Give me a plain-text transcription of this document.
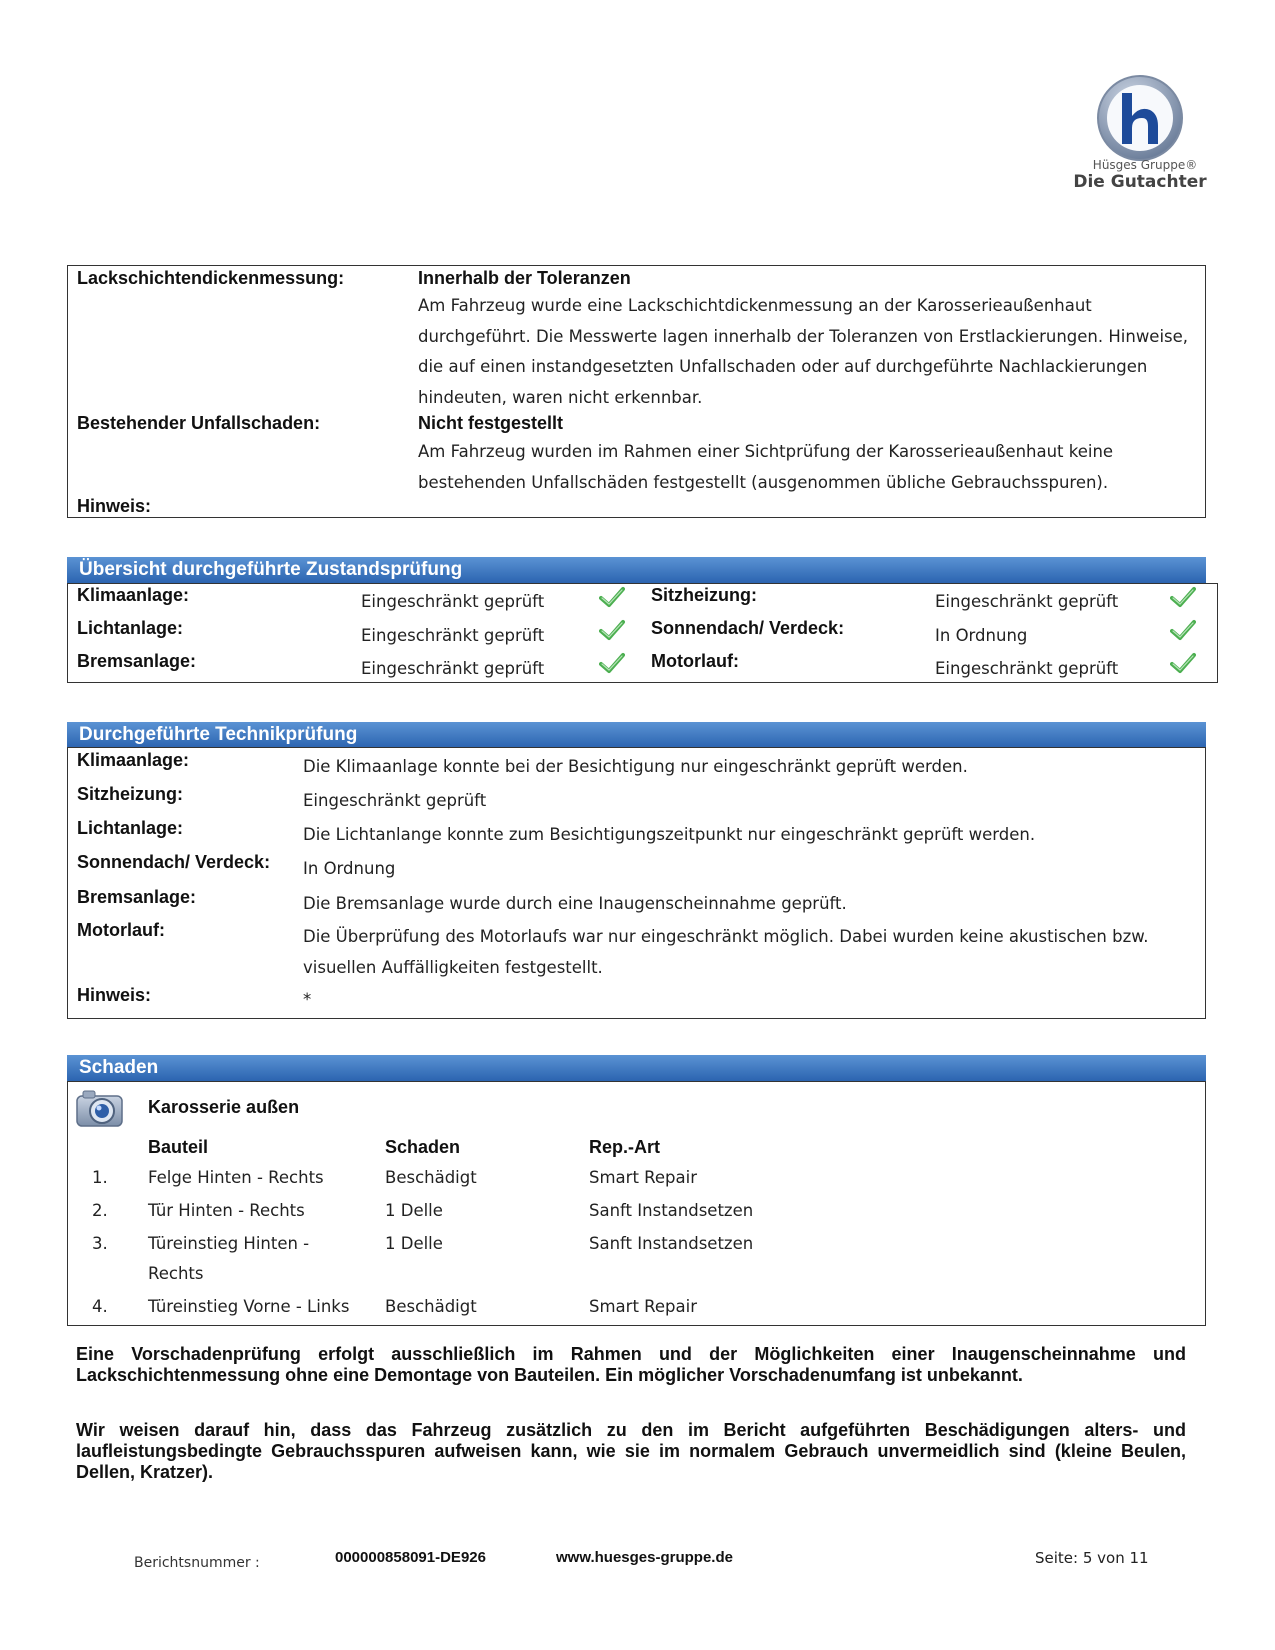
Hüsges Gruppe®
Die Gutachter
Lackschichtendickenmessung:	Innerhalb der Toleranzen
Am Fahrzeug wurde eine Lackschichtdickenmessung an der Karosserieaußenhaut
durchgeführt. Die Messwerte lagen innerhalb der Toleranzen von Erstlackierungen. Hinweise,
die auf einen instandgesetzten Unfallschaden oder auf durchgeführte Nachlackierungen
hindeuten, waren nicht erkennbar.
Bestehender Unfallschaden:	Nicht festgestellt
Am Fahrzeug wurden im Rahmen einer Sichtprüfung der Karosserieaußenhaut keine
bestehenden Unfallschäden festgestellt (ausgenommen übliche Gebrauchsspuren).
Hinweis:
Übersicht durchgeführte Zustandsprüfung
Klimaanlage:	Eingeschränkt geprüft	Sitzheizung:	Eingeschränkt geprüft
Lichtanlage:	Eingeschränkt geprüft	Sonnendach/ Verdeck:	In Ordnung
Bremsanlage:	Eingeschränkt geprüft	Motorlauf:	Eingeschränkt geprüft
Durchgeführte Technikprüfung
Klimaanlage:	Die Klimaanlage konnte bei der Besichtigung nur eingeschränkt geprüft werden.
Sitzheizung:	Eingeschränkt geprüft
Lichtanlage:	Die Lichtanlange konnte zum Besichtigungszeitpunkt nur eingeschränkt geprüft werden.
Sonnendach/ Verdeck: In Ordnung
Bremsanlage:	Die Bremsanlage wurde durch eine Inaugenscheinnahme geprüft.
Motorlauf:	Die Überprüfung des Motorlaufs war nur eingeschränkt möglich. Dabei wurden keine akustischen bzw.
visuellen Auffälligkeiten festgestellt.
Hinweis:	*
Schaden
Karosserie außen
Bauteil	Schaden	Rep.-Art
1. Felge Hinten - Rechts	Beschädigt	Smart Repair
2. Tür Hinten - Rechts	1 Delle	Sanft Instandsetzen
3. Türeinstieg Hinten -
Rechts
1 Delle	Sanft Instandsetzen
4. Türeinstieg Vorne - Links Beschädigt	Smart Repair
Eine Vorschadenprüfung erfolgt ausschließlich im Rahmen und der Möglichkeiten einer Inaugenscheinnahme und Lackschichtenmessung ohne eine Demontage von Bauteilen. Ein möglicher Vorschadenumfang ist unbekannt.
Wir weisen darauf hin, dass das Fahrzeug zusätzlich zu den im Bericht aufgeführten Beschädigungen alters- und laufleistungsbedingte Gebrauchsspuren aufweisen kann, wie sie im normalem Gebrauch unvermeidlich sind (kleine Beulen, Dellen, Kratzer).
Berichtsnummer :	000000858091-DE926	www.huesges-gruppe.de	Seite: 5 von 11
